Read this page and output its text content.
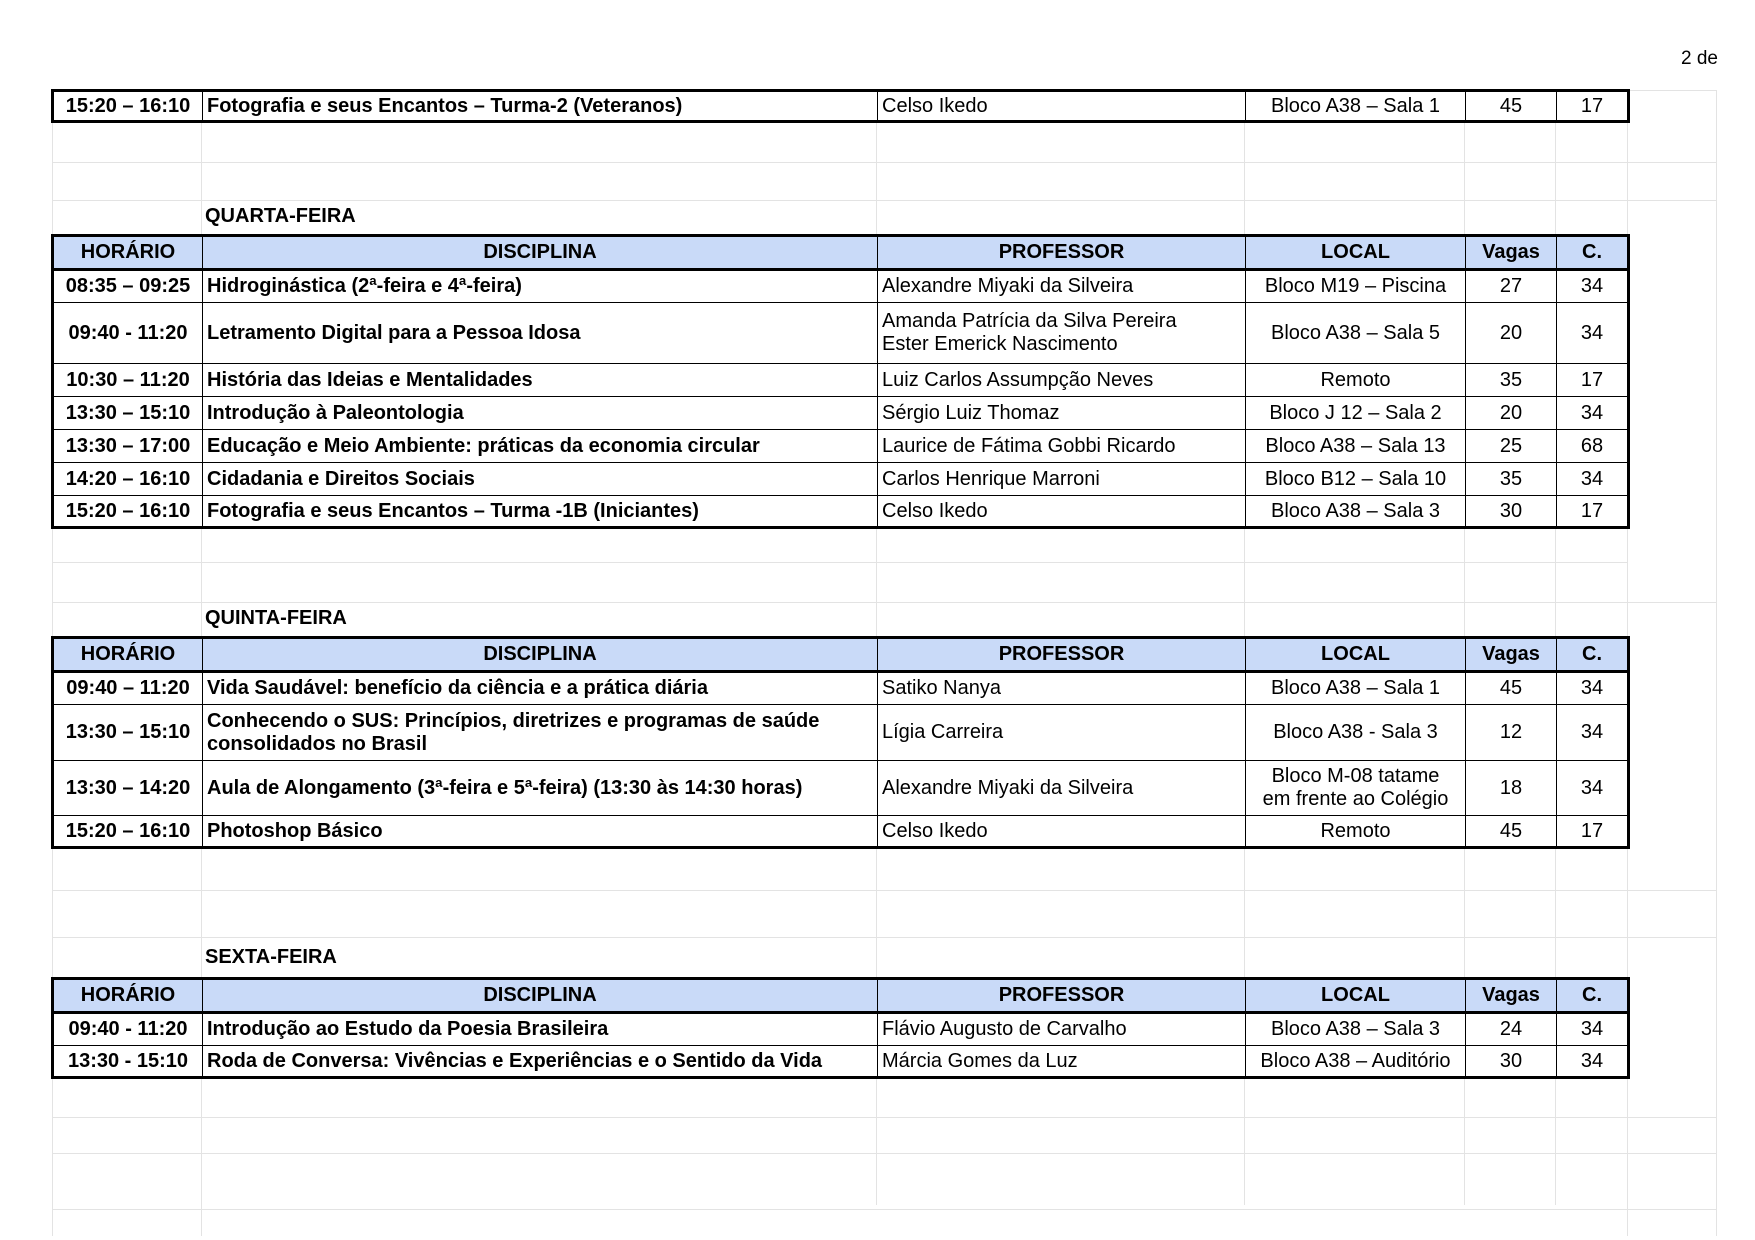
2 de
15:20 – 16:10	Fotografia e seus Encantos – Turma-2 (Veteranos)	Celso Ikedo	Bloco A38 – Sala 1	45	17
QUARTA-FEIRA
HORÁRIO	DISCIPLINA	PROFESSOR	LOCAL	Vagas	C.
08:35 – 09:25	Hidroginástica (2ª-feira e 4ª-feira)	Alexandre Miyaki da Silveira	Bloco M19 – Piscina	27	34
09:40 - 11:20	Letramento Digital para a Pessoa Idosa	Amanda Patrícia da Silva Pereira
Ester Emerick Nascimento	Bloco A38 – Sala 5	20	34
10:30 – 11:20	História das Ideias e Mentalidades	Luiz Carlos Assumpção Neves	Remoto	35	17
13:30 – 15:10	Introdução à Paleontologia	Sérgio Luiz Thomaz	Bloco J 12 – Sala 2	20	34
13:30 – 17:00	Educação e Meio Ambiente: práticas da economia circular	Laurice de Fátima Gobbi Ricardo	Bloco A38 – Sala 13	25	68
14:20 – 16:10	Cidadania e Direitos Sociais	Carlos Henrique Marroni	Bloco B12 – Sala 10	35	34
15:20 – 16:10	Fotografia e seus Encantos – Turma -1B (Iniciantes)	Celso Ikedo	Bloco A38 – Sala 3	30	17
QUINTA-FEIRA
HORÁRIO	DISCIPLINA	PROFESSOR	LOCAL	Vagas	C.
09:40 – 11:20	Vida Saudável: benefício da ciência e a prática diária	Satiko Nanya	Bloco A38 – Sala 1	45	34
13:30 – 15:10	Conhecendo o SUS: Princípios, diretrizes e programas de saúde
consolidados no Brasil	Lígia Carreira	Bloco A38 - Sala 3	12	34
13:30 – 14:20	Aula de Alongamento (3ª-feira e 5ª-feira) (13:30 às 14:30 horas)	Alexandre Miyaki da Silveira	Bloco M-08 tatame
em frente ao Colégio	18	34
15:20 – 16:10	Photoshop Básico	Celso Ikedo	Remoto	45	17
SEXTA-FEIRA
HORÁRIO	DISCIPLINA	PROFESSOR	LOCAL	Vagas	C.
09:40 - 11:20	Introdução ao Estudo da Poesia Brasileira	Flávio Augusto de Carvalho	Bloco A38 – Sala 3	24	34
13:30 - 15:10	Roda de Conversa: Vivências e Experiências e o Sentido da Vida	Márcia Gomes da Luz	Bloco A38 – Auditório	30	34
